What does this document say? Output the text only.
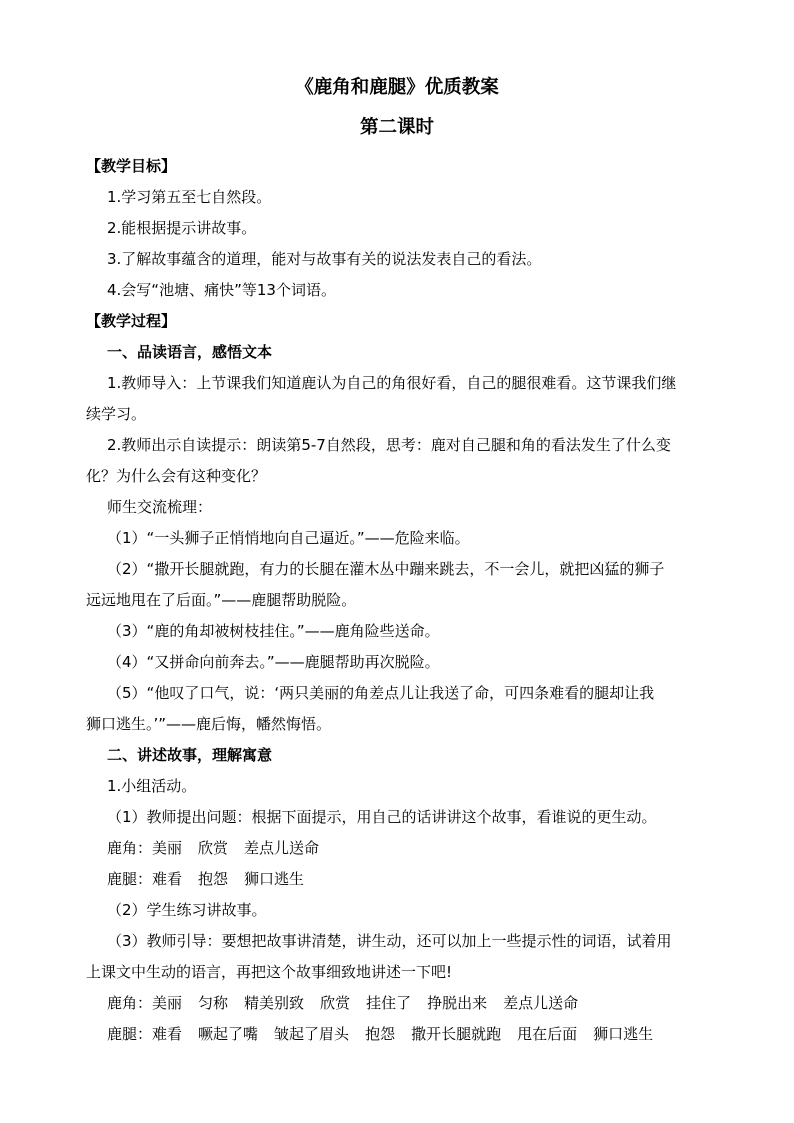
《鹿角和鹿腿》优质教案
第二课时
【教学目标】
1.学习第五至七自然段。
2.能根据提示讲故事。
3.了解故事蕴含的道理，能对与故事有关的说法发表自己的看法。
4.会写“池塘、痛快”等13个词语。
【教学过程】
一、品读语言，感悟文本
1.教师导入：上节课我们知道鹿认为自己的角很好看，自己的腿很难看。这节课我们继
续学习。
2.教师出示自读提示：朗读第5-7自然段，思考：鹿对自己腿和角的看法发生了什么变
化？为什么会有这种变化？
师生交流梳理：
（1）“一头狮子正悄悄地向自己逼近。”——危险来临。
（2）“撒开长腿就跑，有力的长腿在灌木丛中蹦来跳去，不一会儿，就把凶猛的狮子
远远地甩在了后面。”——鹿腿帮助脱险。
（3）“鹿的角却被树枝挂住。”——鹿角险些送命。
（4）“又拼命向前奔去。”——鹿腿帮助再次脱险。
（5）“他叹了口气，说：‘两只美丽的角差点儿让我送了命，可四条难看的腿却让我
狮口逃生。’”——鹿后悔，幡然悔悟。
二、讲述故事，理解寓意
1.小组活动。
（1）教师提出问题：根据下面提示，用自己的话讲讲这个故事，看谁说的更生动。
鹿角：美丽 欣赏 差点儿送命
鹿腿：难看 抱怨 狮口逃生
（2）学生练习讲故事。
（3）教师引导：要想把故事讲清楚，讲生动，还可以加上一些提示性的词语，试着用
上课文中生动的语言，再把这个故事细致地讲述一下吧!
鹿角：美丽 匀称 精美别致 欣赏 挂住了 挣脱出来 差点儿送命
鹿腿：难看 噘起了嘴 皱起了眉头 抱怨 撒开长腿就跑 甩在后面 狮口逃生
